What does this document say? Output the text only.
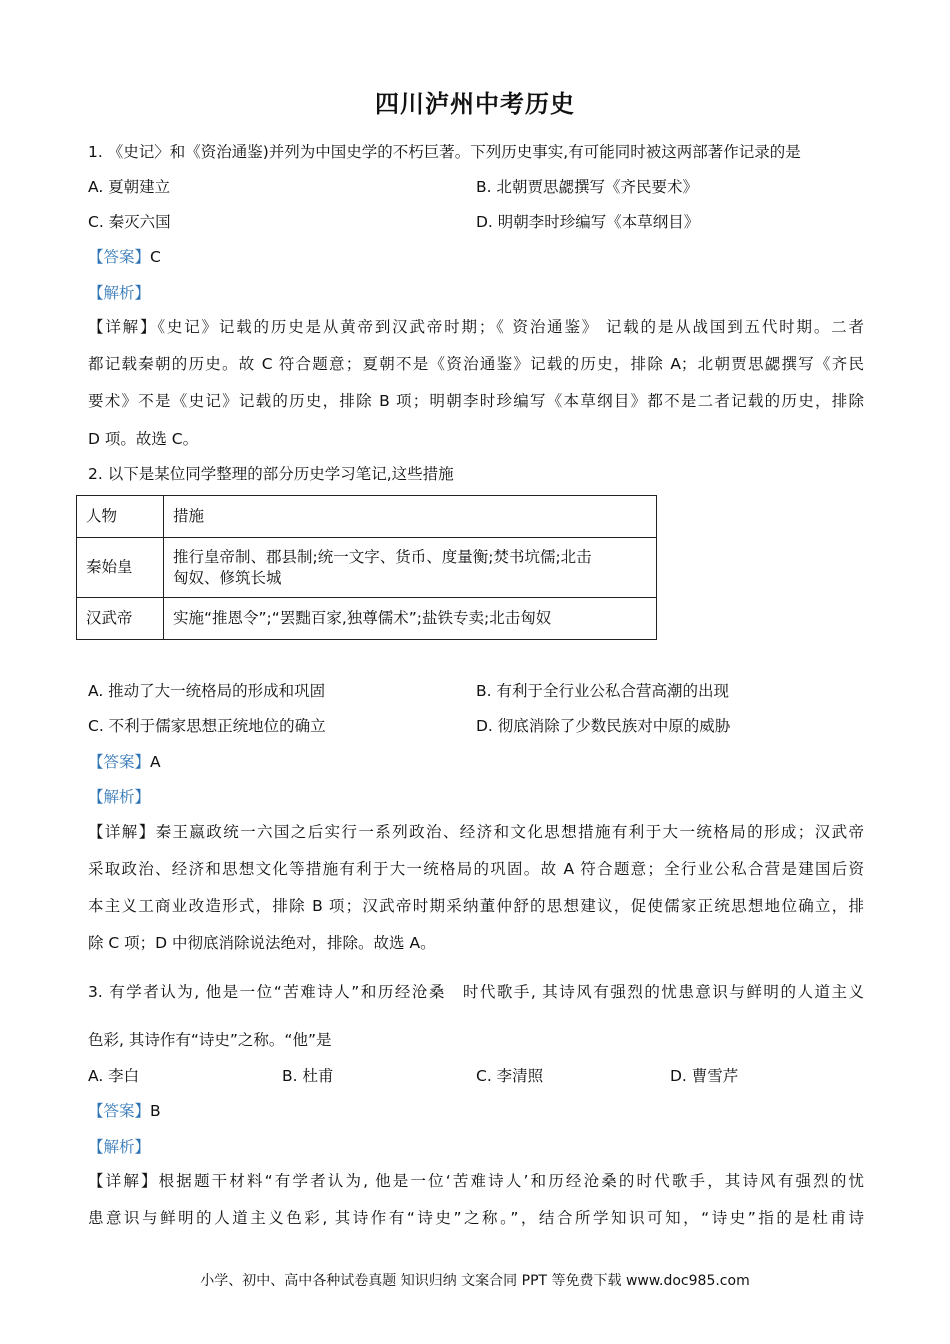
四川泸州中考历史
1. 《史记〉和《资治通鉴)并列为中国史学的不朽巨著。下列历史事实,有可能同时被这两部著作记录的是
A. 夏朝建立	B. 北朝贾思勰撰写《齐民要术》
C. 秦灭六国	D. 明朝李时珍编写《本草纲目》
【答案】C
【解析】
【详解】《史记》记载的历史是从黄帝到汉武帝时期；《 资治通鉴》 记载的是从战国到五代时期。二者
都记载秦朝的历史。故 C 符合题意；夏朝不是《资治通鉴》记载的历史，排除 A；北朝贾思勰撰写《齐民
要术》不是《史记》记载的历史，排除 B 项；明朝李时珍编写《本草纲目》都不是二者记载的历史，排除
D 项。故选 C。
2. 以下是某位同学整理的部分历史学习笔记,这些措施
人物	措施
秦始皇	推行皇帝制、郡县制;统一文字、货币、度量衡;焚书坑儒;北击
匈奴、修筑长城

汉武帝	实施“推恩令”;“罢黜百家,独尊儒术”;盐铁专卖;北击匈奴
A. 推动了大一统格局的形成和巩固	B. 有利于全行业公私合营高潮的出现
C. 不利于儒家思想正统地位的确立	D. 彻底消除了少数民族对中原的威胁
【答案】A
【解析】
【详解】秦王嬴政统一六国之后实行一系列政治、经济和文化思想措施有利于大一统格局的形成；汉武帝
采取政治、经济和思想文化等措施有利于大一统格局的巩固。故 A 符合题意；全行业公私合营是建国后资
本主义工商业改造形式，排除 B 项；汉武帝时期采纳董仲舒的思想建议，促使儒家正统思想地位确立，排
除 C 项；D 中彻底消除说法绝对，排除。故选 A。
3. 有学者认为, 他是一位“苦难诗人”和历经沧桑　时代歌手, 其诗风有强烈的忧患意识与鲜明的人道主义
色彩, 其诗作有“诗史”之称。“他”是
A. 李白	B. 杜甫	C. 李清照	D. 曹雪芹
【答案】B
【解析】
【详解】根据题干材料“有学者认为, 他是一位‘苦难诗人’和历经沧桑的时代歌手，其诗风有强烈的忧
患意识与鲜明的人道主义色彩, 其诗作有“诗史”之称。”，结合所学知识可知，“诗史”指的是杜甫诗
小学、初中、高中各种试卷真题 知识归纳 文案合同 PPT 等免费下载 www.doc985.com
